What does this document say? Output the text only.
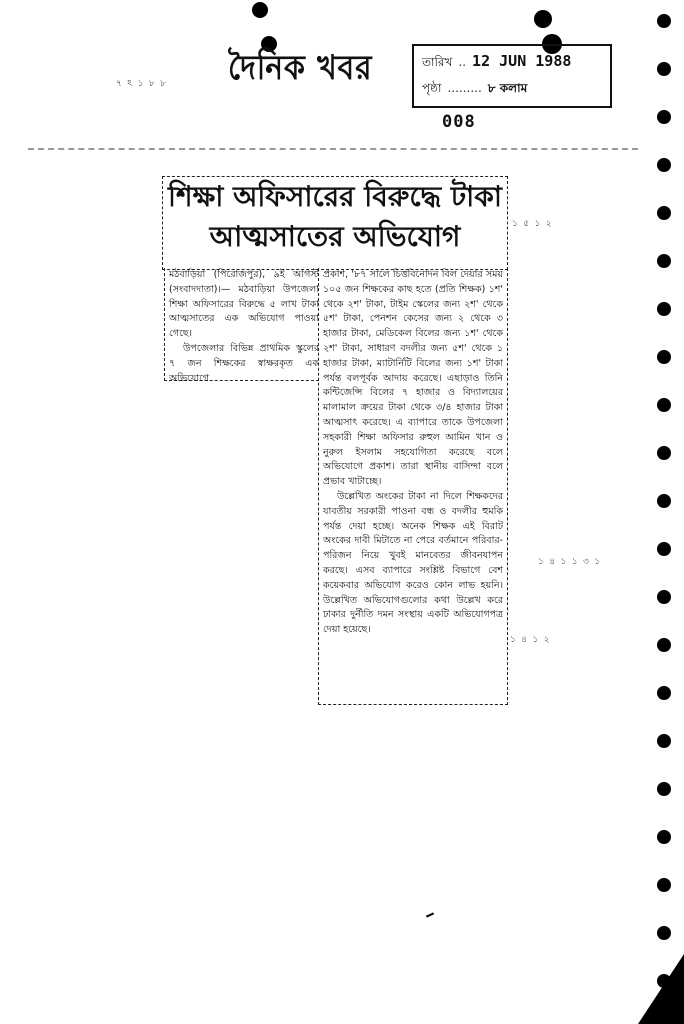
৭ ঽ ১ ৮ ৮
১ ৪ ১ ১ ৩ ১
১ ৪ ১ ২
১ ৫ ১ ২
দৈনিক খবর	তারিখ .. 12 JUN 1988
পৃষ্ঠা ......... ৮ কলাম
008
শিক্ষা অফিসারের বিরুদ্ধে টাকা
আত্মসাতের অভিযোগ

মঠবাড়িয়া (পিরোজপুর), ৯ই আগস্ট (সংবাদদাতা)।— মঠবাড়িয়া উপজেলা শিক্ষা অফিসারের বিরুদ্ধে ৫ লাখ টাকা আত্মসাতের এক অভিযোগ পাওয়া গেছে।

উপজেলার বিভিন্ন প্রাথমিক স্কুলের ৭ জন শিক্ষকের স্বাক্ষরকৃত এক অভিযোগে

প্রকাশ, '৮৭ সালে চিত্তবিনোদন বিল দেয়ার সময় ১০৫ জন শিক্ষকের কাছ হতে (প্রতি শিক্ষক) ১শ' থেকে ২শ' টাকা, টাইম স্কেলের জন্য ২শ' থেকে ৫শ' টাকা, পেনশন কেসের জন্য ২ থেকে ৩ হাজার টাকা, মেডিকেল বিলের জন্য ১শ' থেকে ২শ' টাকা, সাধারণ বদলীর জন্য ৫শ' থেকে ১ হাজার টাকা, ম্যাটার্নিটি বিলের জন্য ১শ' টাকা পর্যন্ত বলপূর্বক আদায় করেছে। এছাড়াও তিনি কন্টিজেন্সি বিলের ৭ হাজার ও বিদ্যালয়ের মালামাল ক্রয়ের টাকা থেকে ৩/৪ হাজার টাকা আত্মসাৎ করেছে। এ ব্যাপারে তাকে উপজেলা সহকারী শিক্ষা অফিসার রুহুল আমিন খান ও নুরুল ইসলাম সহযোগিতা করেছে বলে অভিযোগে প্রকাশ। তারা স্থানীয় বাসিন্দা বলে প্রভাব খাটাচ্ছে।

উল্লেখিত অংকের টাকা না দিলে শিক্ষকদের যাবতীয় সরকারী পাওনা বন্ধ ও বদলীর হুমকি পর্যন্ত দেয়া হচ্ছে। অনেক শিক্ষক এই বিরাট অংকের দাবী মিটাতে না পেরে বর্তমানে পরিবার-পরিজন নিয়ে খুবই মানবেতর জীবনযাপন করছে। এসব ব্যাপারে সংশ্লিষ্ট বিভাগে বেশ কয়েকবার অভিযোগ করেও কোন লাভ হয়নি। উল্লেখিত অভিযোগগুলোর কথা উল্লেখ করে ঢাকার দুর্নীতি দমন সংস্থায় একটি অভিযোগপত্র দেয়া হয়েছে।
